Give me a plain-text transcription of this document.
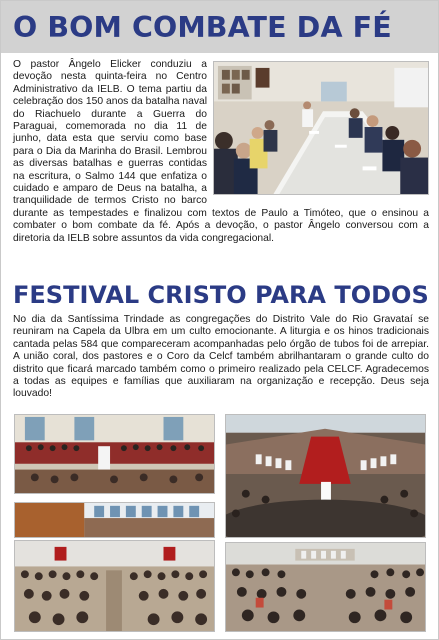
O BOM COMBATE DA FÉ

O pastor Ângelo Elicker conduziu a devoção nesta quinta-feira no Centro Administrativo da IELB. O tema partiu da celebração dos 150 anos da batalha naval do Riachuelo durante a Guerra do Paraguai, comemorada no dia 11 de junho, data esta que serviu como base para o Dia da Marinha do Brasil. Lembrou as diversas batalhas e guerras contidas na escritura, o Salmo 144 que enfatiza o cuidado e amparo de Deus na batalha, a tranquilidade de termos Cristo no barco durante as tempestades e finalizou com textos de Paulo a Timóteo, que o ensinou a combater o bom combate da fé. Após a devoção, o pastor Ângelo conversou com a diretoria da IELB sobre assuntos da vida congregacional.

FESTIVAL CRISTO PARA TODOS

No dia da Santíssima Trindade as congregações do Distrito Vale do Rio Gravataí se reuniram na Capela da Ulbra em um culto emocionante. A liturgia e os hinos tradicionais cantada pelas 584 que compareceram acompanhadas pelo órgão de tubos foi de arrepiar. A união coral, dos pastores e o Coro da Celcf também abrilhantaram o grande culto do distrito que ficará marcado também como o primeiro realizado pela CELCF. Agradecemos a todas as equipes e famílias que auxiliaram na organização e recepção. Deus seja louvado!
